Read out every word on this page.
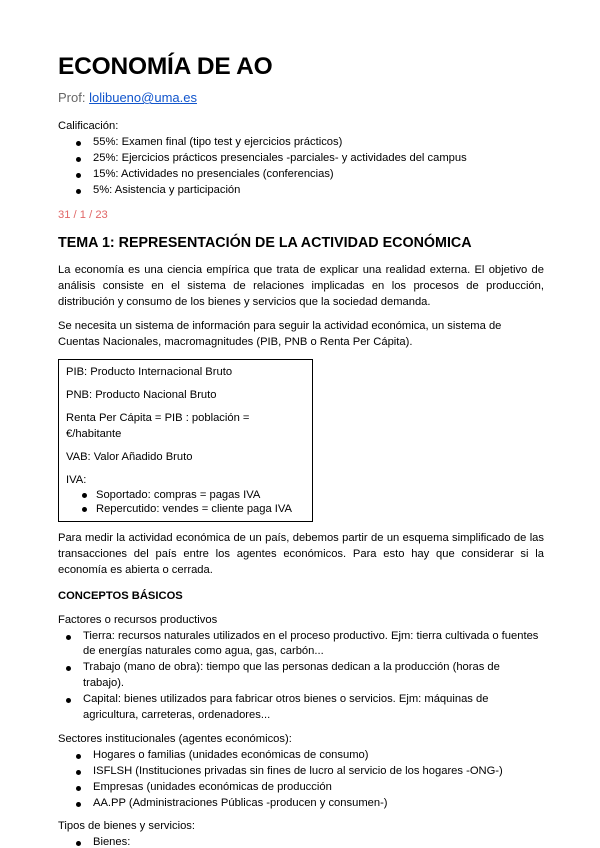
ECONOMÍA DE AO
Prof: lolibueno@uma.es
Calificación:
55%: Examen final (tipo test y ejercicios prácticos)
25%: Ejercicios prácticos presenciales -parciales- y actividades del campus
15%: Actividades no presenciales (conferencias)
5%: Asistencia y participación
31 / 1 / 23
TEMA 1: REPRESENTACIÓN DE LA ACTIVIDAD ECONÓMICA

La economía es una ciencia empírica que trata de explicar una realidad externa. El objetivo de análisis consiste en el sistema de relaciones implicadas en los procesos de producción, distribución y consumo de los bienes y servicios que la sociedad demanda.

Se necesita un sistema de información para seguir la actividad económica, un sistema de Cuentas Nacionales, macromagnitudes (PIB, PNB o Renta Per Cápita).

PIB: Producto Internacional Bruto

PNB: Producto Nacional Bruto

Renta Per Cápita = PIB : población = €/habitante

VAB: Valor Añadido Bruto

IVA:

Soportado: compras = pagas IVA
Repercutido: vendes = cliente paga IVA

Para medir la actividad económica de un país, debemos partir de un esquema simplificado de las transacciones del país entre los agentes económicos. Para esto hay que considerar si la economía es abierta o cerrada.

CONCEPTOS BÁSICOS
Factores o recursos productivos
Tierra: recursos naturales utilizados en el proceso productivo. Ejm: tierra cultivada o fuentes de energías naturales como agua, gas, carbón...
Trabajo (mano de obra): tiempo que las personas dedican a la producción (horas de trabajo).
Capital: bienes utilizados para fabricar otros bienes o servicios. Ejm: máquinas de agricultura, carreteras, ordenadores...
Sectores institucionales (agentes económicos):
Hogares o familias (unidades económicas de consumo)
ISFLSH (Instituciones privadas sin fines de lucro al servicio de los hogares -ONG-)
Empresas (unidades económicas de producción
AA.PP (Administraciones Públicas -producen y consumen-)
Tipos de bienes y servicios:
Bienes:
